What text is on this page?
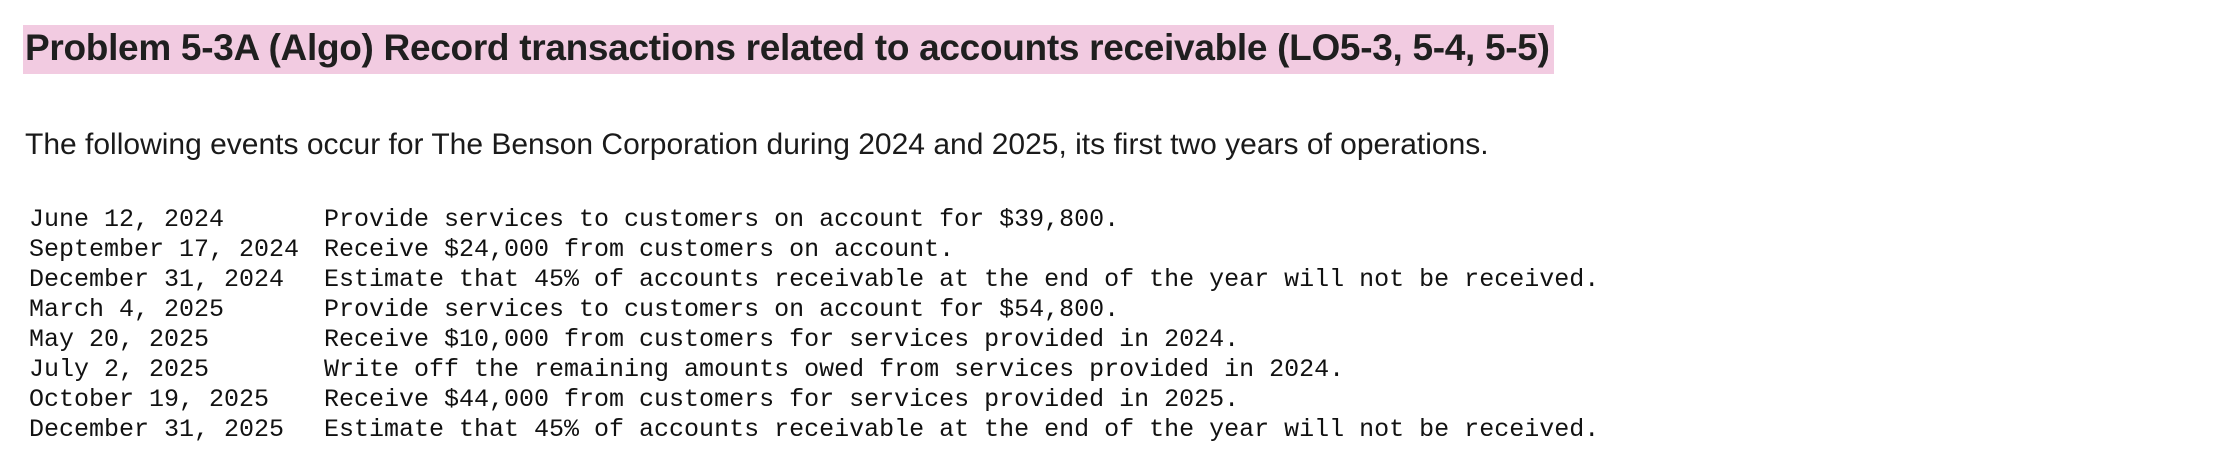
Problem 5-3A (Algo) Record transactions related to accounts receivable (LO5-3, 5-4, 5-5)

The following events occur for The Benson Corporation during 2024 and 2025, its first two years of operations.

June 12, 2024	Provide services to customers on account for $39,800.
September 17, 2024	Receive $24,000 from customers on account.
December 31, 2024	Estimate that 45% of accounts receivable at the end of the year will not be received.
March 4, 2025	Provide services to customers on account for $54,800.
May 20, 2025	Receive $10,000 from customers for services provided in 2024.
July 2, 2025	Write off the remaining amounts owed from services provided in 2024.
October 19, 2025	Receive $44,000 from customers for services provided in 2025.
December 31, 2025	Estimate that 45% of accounts receivable at the end of the year will not be received.
